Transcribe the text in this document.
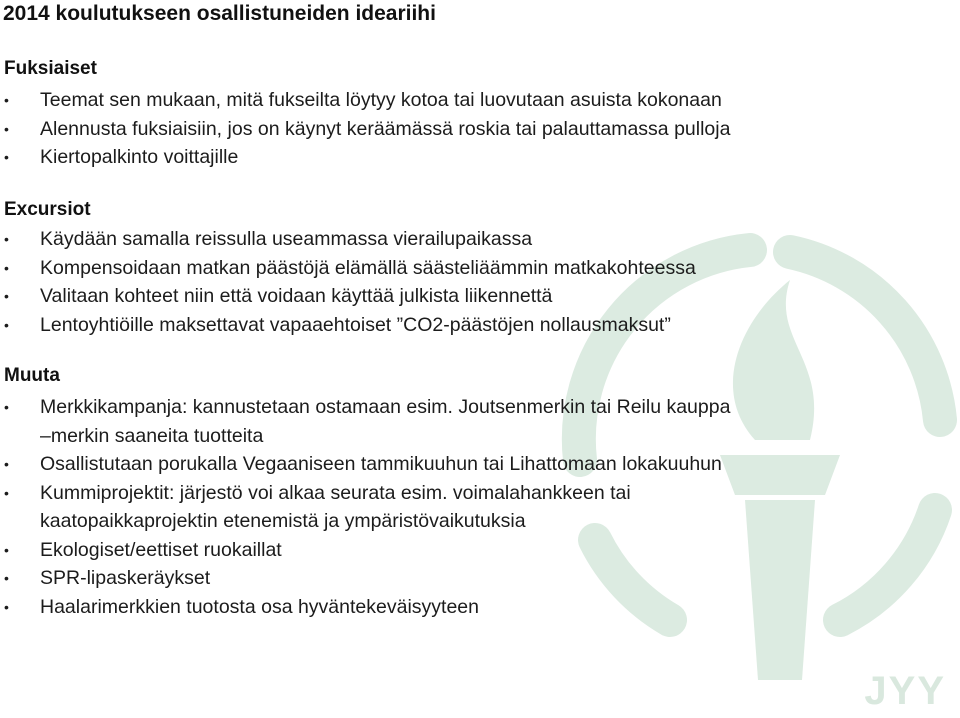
JYY
2014 koulutukseen osallistuneiden ideariihi
Fuksiaiset
• Teemat sen mukaan, mitä fukseilta löytyy kotoa tai luovutaan asuista kokonaan
• Alennusta fuksiaisiin, jos on käynyt keräämässä roskia tai palauttamassa pulloja
• Kiertopalkinto voittajille
Excursiot
• Käydään samalla reissulla useammassa vierailupaikassa
• Kompensoidaan matkan päästöjä elämällä säästeliäämmin matkakohteessa
• Valitaan kohteet niin että voidaan käyttää julkista liikennettä
• Lentoyhtiöille maksettavat vapaaehtoiset ”CO2-päästöjen nollausmaksut”
Muuta
• Merkkikampanja: kannustetaan ostamaan esim. Joutsenmerkin tai Reilu kauppa
–merkin saaneita tuotteita
• Osallistutaan porukalla Vegaaniseen tammikuuhun tai Lihattomaan lokakuuhun
• Kummiprojektit: järjestö voi alkaa seurata esim. voimalahankkeen tai
kaatopaikkaprojektin etenemistä ja ympäristövaikutuksia
• Ekologiset/eettiset ruokaillat
• SPR-lipaskeräykset
• Haalarimerkkien tuotosta osa hyväntekeväisyyteen
